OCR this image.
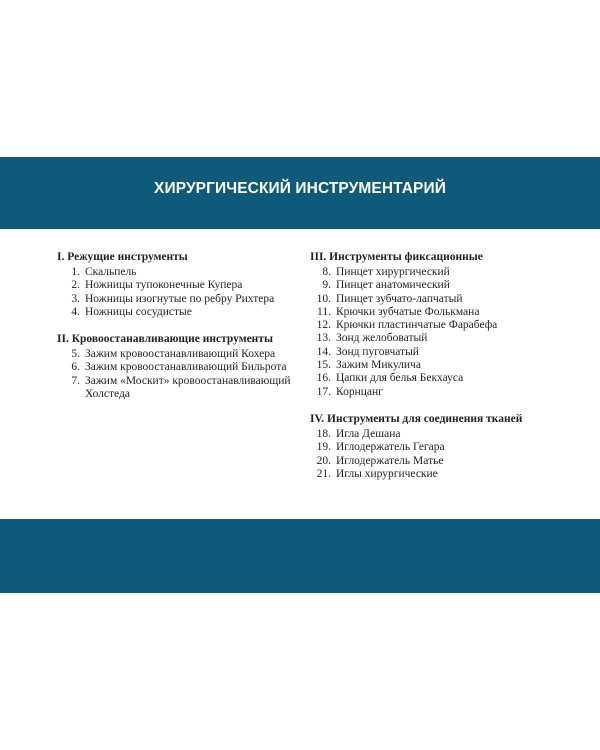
ХИРУРГИЧЕСКИЙ ИНСТРУМЕНТАРИЙ
I. Режущие инструменты
1. Скальпель
2. Ножницы тупоконечные Купера
3. Ножницы изогнутые по ребру Рихтера
4. Ножницы сосудистые
II. Кровоостанавливающие инструменты
5. Зажим кровоостанавливающий Кохера
6. Зажим кровоостанавливающий Бильрота
7. Зажим «Москит» кровоостанавливающий Холстеда
III. Инструменты фиксационные
8. Пинцет хирургический
9. Пинцет анатомический
10. Пинцет зубчато-лапчатый
11. Крючки зубчатые Фолькмана
12. Крючки пластинчатые Фарабефа
13. Зонд желобоватый
14. Зонд пуговчатый
15. Зажим Микулича
16. Цапки для белья Бекхауса
17. Корнцанг
IV. Инструменты для соединения тканей
18. Игла Дешана
19. Иглодержатель Гегара
20. Иглодержатель Матье
21. Иглы хирургические
